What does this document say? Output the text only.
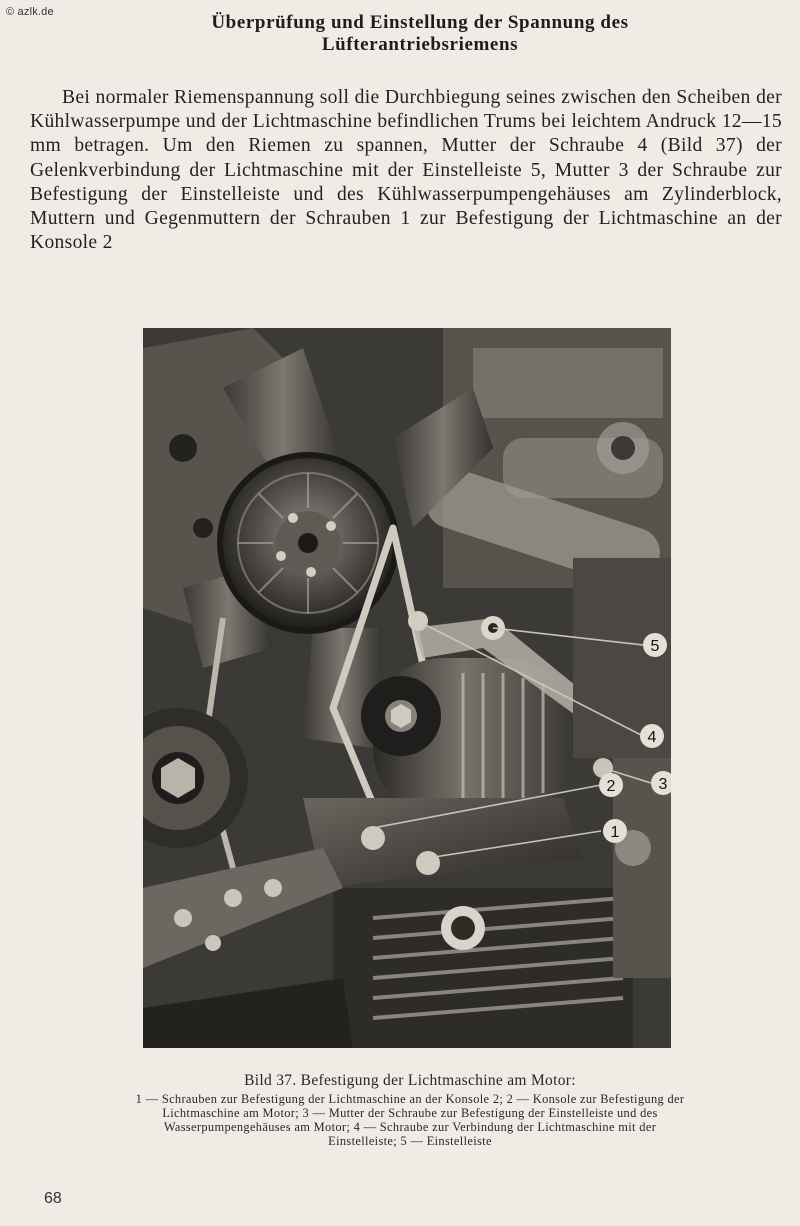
© azlk.de	Überprüfung und Einstellung der Spannung des
Lüfterantriebsriemens

Bei normaler Riemenspannung soll die Durchbiegung seines zwischen den Scheiben der Kühlwasserpumpe und der Lichtmaschine befindlichen Trums bei leichtem Andruck 12—15 mm betragen. Um den Riemen zu spannen, Mutter der Schraube 4 (Bild 37) der Gelenkverbindung der Lichtmaschine mit der Einstelleiste 5, Mutter 3 der Schraube zur Befestigung der Einstelleiste und des Kühlwasserpumpengehäuses am Zylinderblock, Muttern und Gegenmuttern der Schrauben 1 zur Befestigung der Lichtmaschine an der Konsole 2

5
4
3
2
1
Bild 37. Befestigung der Lichtmaschine am Motor:
1 — Schrauben zur Befestigung der Lichtmaschine an der Konsole 2; 2 — Konsole zur Befestigung der Lichtmaschine am Motor; 3 — Mutter der Schraube zur Befestigung der Einstelleiste und des Wasserpumpengehäuses am Motor; 4 — Schraube zur Verbindung der Lichtmaschine mit der Einstelleiste; 5 — Einstelleiste
68
